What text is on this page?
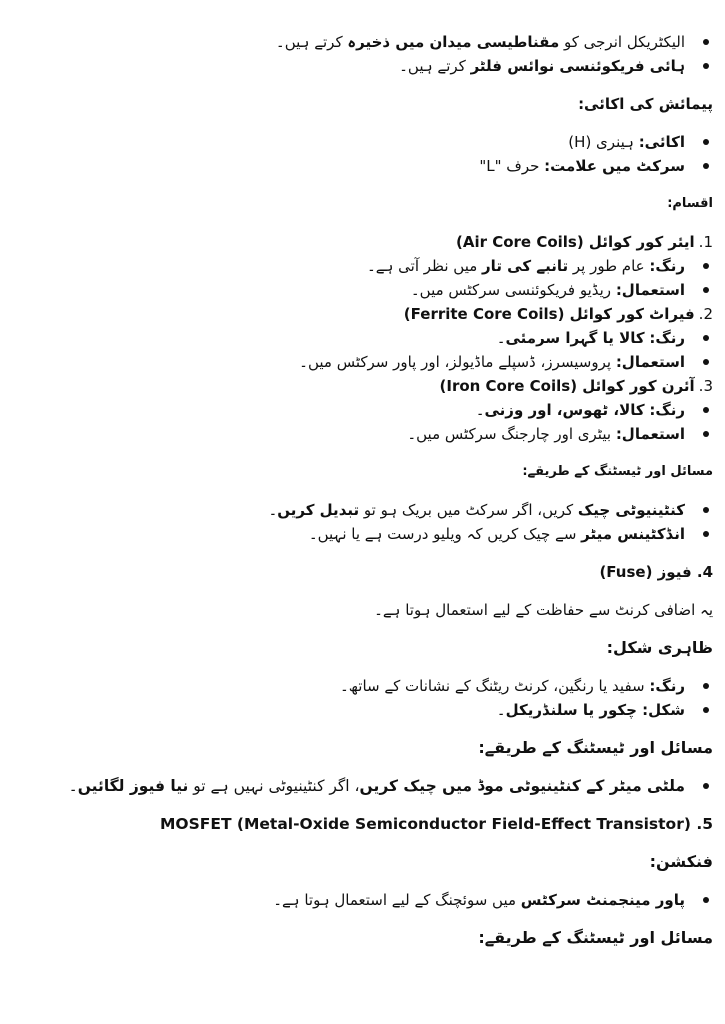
الیکٹریکل انرجی کو مقناطیسی میدان میں ذخیرہ کرتے ہیں۔
ہائی فریکوئنسی نوائس فلٹر کرتے ہیں۔
پیمائش کی اکائی:
اکائی: ہینری (H)
سرکٹ میں علامت: حرف "L"
اقسام:
1.ایئر کور کوائل (Air Core Coils)
رنگ: عام طور پر تانبے کی تار میں نظر آتی ہے۔
استعمال: ریڈیو فریکوئنسی سرکٹس میں۔
2.فیراٹ کور کوائل (Ferrite Core Coils)
رنگ: کالا یا گہرا سرمئی۔
استعمال: پروسیسرز، ڈسپلے ماڈیولز، اور پاور سرکٹس میں۔
3.آئرن کور کوائل (Iron Core Coils)
رنگ: کالا، ٹھوس، اور وزنی۔
استعمال: بیٹری اور چارجنگ سرکٹس میں۔
مسائل اور ٹیسٹنگ کے طریقے:
کنٹینیوٹی چیک کریں، اگر سرکٹ میں بریک ہو تو تبدیل کریں۔
انڈکٹینس میٹر سے چیک کریں کہ ویلیو درست ہے یا نہیں۔
4. فیوز (Fuse)
یہ اضافی کرنٹ سے حفاظت کے لیے استعمال ہوتا ہے۔
ظاہری شکل:
رنگ: سفید یا رنگین، کرنٹ ریٹنگ کے نشانات کے ساتھ۔
شکل: چکور یا سلنڈریکل۔
مسائل اور ٹیسٹنگ کے طریقے:
ملٹی میٹر کے کنٹینیوٹی موڈ میں چیک کریں، اگر کنٹینیوٹی نہیں ہے تو نیا فیوز لگائیں۔
MOSFET (Metal-Oxide Semiconductor Field-Effect Transistor) .5
فنکشن:
پاور مینجمنٹ سرکٹس میں سوئچنگ کے لیے استعمال ہوتا ہے۔
مسائل اور ٹیسٹنگ کے طریقے:
